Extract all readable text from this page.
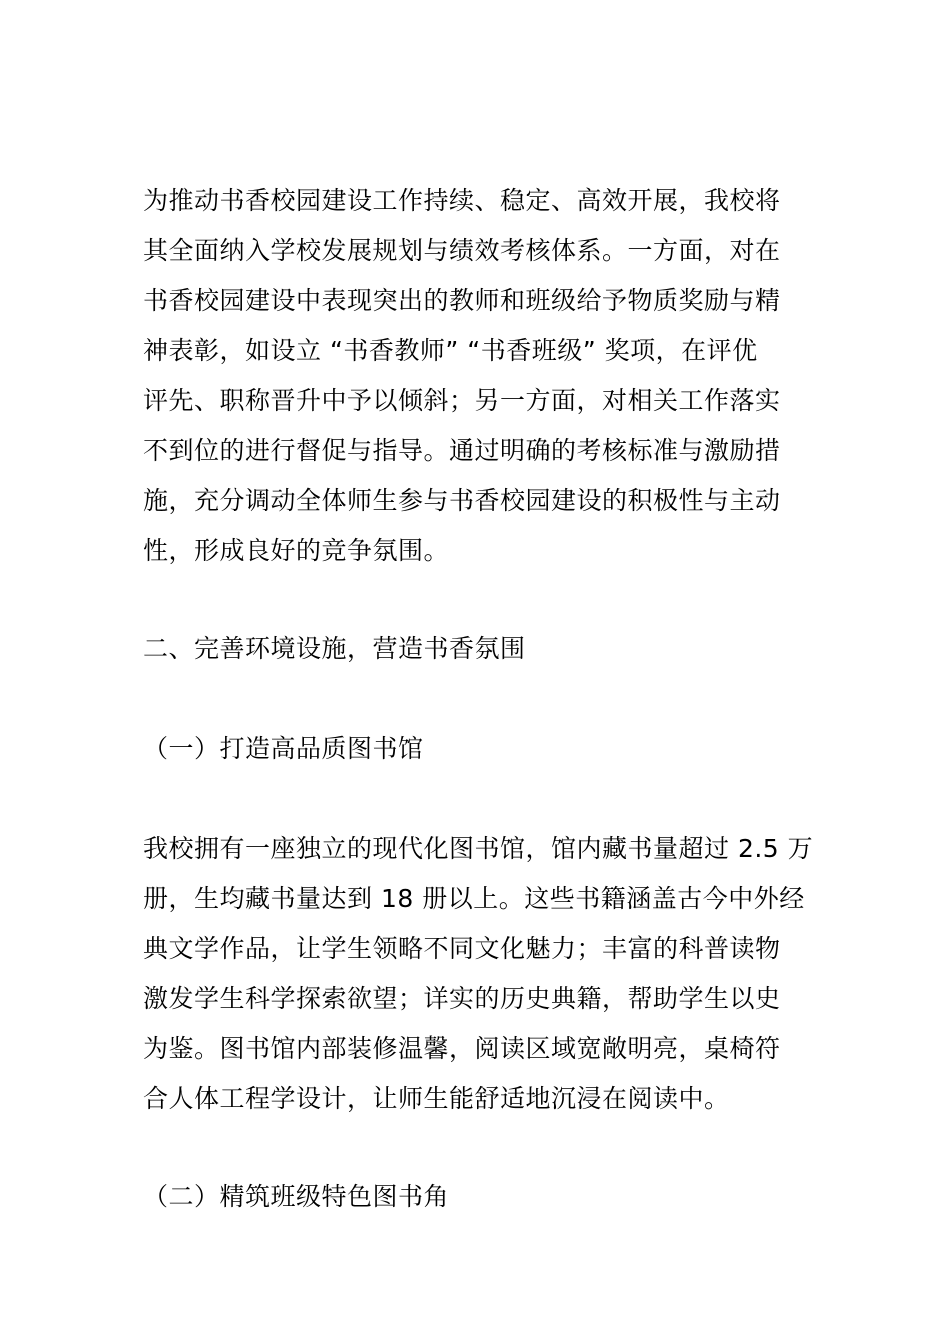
为推动书香校园建设工作持续、稳定、高效开展，我校将
其全面纳入学校发展规划与绩效考核体系。一方面，对在
书香校园建设中表现突出的教师和班级给予物质奖励与精
神表彰，如设立 “书香教师” “书香班级” 奖项，在评优
评先、职称晋升中予以倾斜；另一方面，对相关工作落实
不到位的进行督促与指导。通过明确的考核标准与激励措
施，充分调动全体师生参与书香校园建设的积极性与主动
性，形成良好的竞争氛围。
二、完善环境设施，营造书香氛围
（一）打造高品质图书馆
我校拥有一座独立的现代化图书馆，馆内藏书量超过 2.5 万
册，生均藏书量达到 18 册以上。这些书籍涵盖古今中外经
典文学作品，让学生领略不同文化魅力；丰富的科普读物
激发学生科学探索欲望；详实的历史典籍，帮助学生以史
为鉴。图书馆内部装修温馨，阅读区域宽敞明亮，桌椅符
合人体工程学设计，让师生能舒适地沉浸在阅读中。
（二）精筑班级特色图书角
